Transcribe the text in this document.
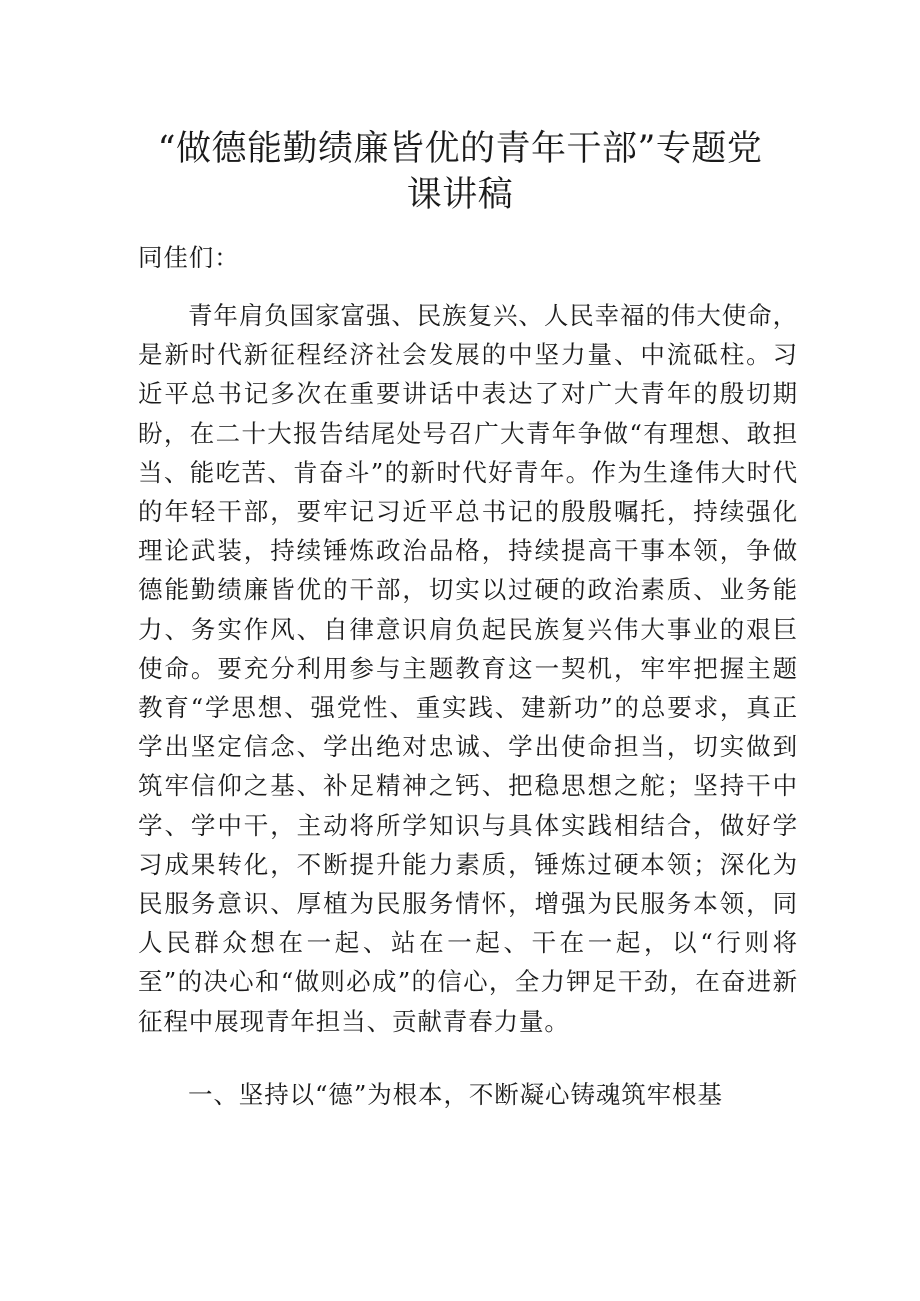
“做德能勤绩廉皆优的青年干部”专题党
课讲稿

同佳们：

青年肩负国家富强、民族复兴、人民幸福的伟大使命，是新时代新征程经济社会发展的中坚力量、中流砥柱。习近平总书记多次在重要讲话中表达了对广大青年的殷切期盼，在二十大报告结尾处号召广大青年争做“有理想、敢担当、能吃苦、肯奋斗”的新时代好青年。作为生逢伟大时代的年轻干部，要牢记习近平总书记的殷殷嘱托，持续强化理论武装，持续锤炼政治品格，持续提高干事本领，争做德能勤绩廉皆优的干部，切实以过硬的政治素质、业务能力、务实作风、自律意识肩负起民族复兴伟大事业的艰巨使命。要充分利用参与主题教育这一契机，牢牢把握主题教育“学思想、强党性、重实践、建新功”的总要求，真正学出坚定信念、学出绝对忠诚、学出使命担当，切实做到筑牢信仰之基、补足精神之钙、把稳思想之舵；坚持干中学、学中干，主动将所学知识与具体实践相结合，做好学习成果转化，不断提升能力素质，锤炼过硬本领；深化为民服务意识、厚植为民服务情怀，增强为民服务本领，同人民群众想在一起、站在一起、干在一起，以“行则将至”的决心和“做则必成”的信心，全力钾足干劲，在奋进新征程中展现青年担当、贡献青春力量。

一、坚持以“德”为根本，不断凝心铸魂筑牢根基
